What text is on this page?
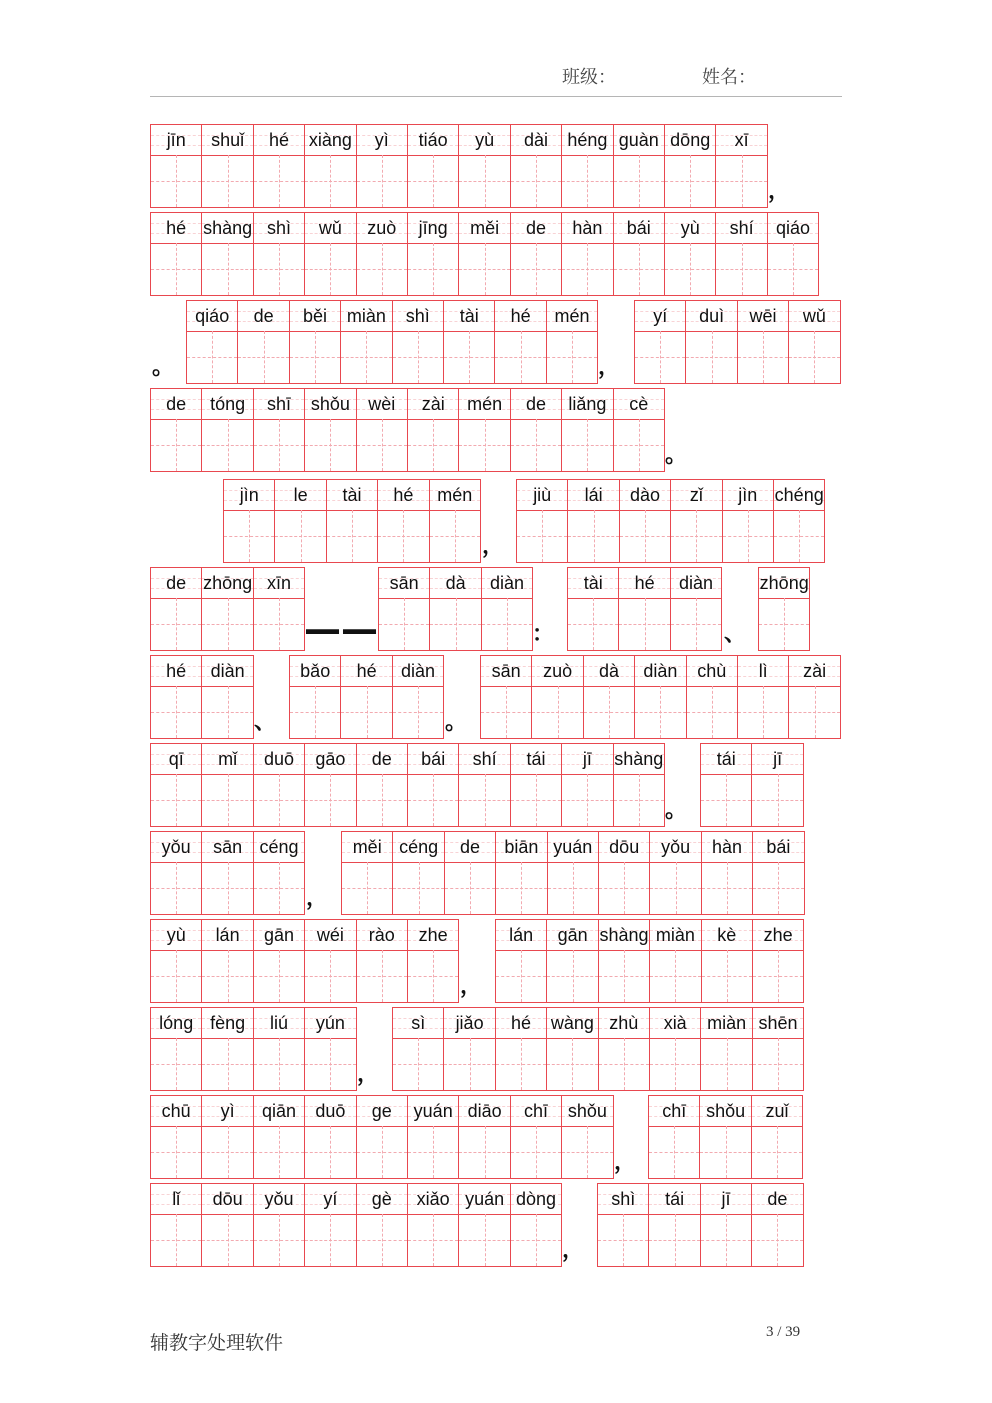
班级：	姓名：
jīn	shuǐ	hé	xiàng	yì	tiáo	yù	dài	héng guàn dōng	xī
，
hé shàng shì	wǔ	zuò	jīng	měi	de	hàn	bái	yù	shí	qiáo
。
qiáo	de	běi	miàn	shì	tài	hé	mén
，
yí	duì	wēi	wǔ
de	tóng	shī	shǒu	wèi	zài	mén	de	liǎng	cè
。
jìn	le	tài	hé	mén
，
jiù	lái	dào	zǐ	jìn chéng
de zhōng xīn
——
sān	dà	diàn
：
tài	hé	diàn
、
zhōng
hé	diàn
、
bǎo	hé	diàn
。
sān	zuò	dà	diàn	chù	lì	zài
qī	mǐ	duō	gāo	de	bái	shí	tái	jī	shàng
。
tái	jī
yǒu	sān céng
，
měi céng	de	biān yuán dōu	yǒu	hàn	bái
yù	lán	gān	wéi	rào	zhe
，
lán	gān shàng miàn	kè	zhe
lóng fèng	liú	yún
，
sì	jiǎo	hé	wàng zhù	xià	miàn shēn
chū	yì	qiān	duō	ge	yuán diāo	chī	shǒu
，
chī	shǒu	zuǐ
lǐ	dōu	yǒu	yí	gè	xiǎo yuán dòng
，
shì	tái	jī	de
辅教字处理软件	3 / 39
